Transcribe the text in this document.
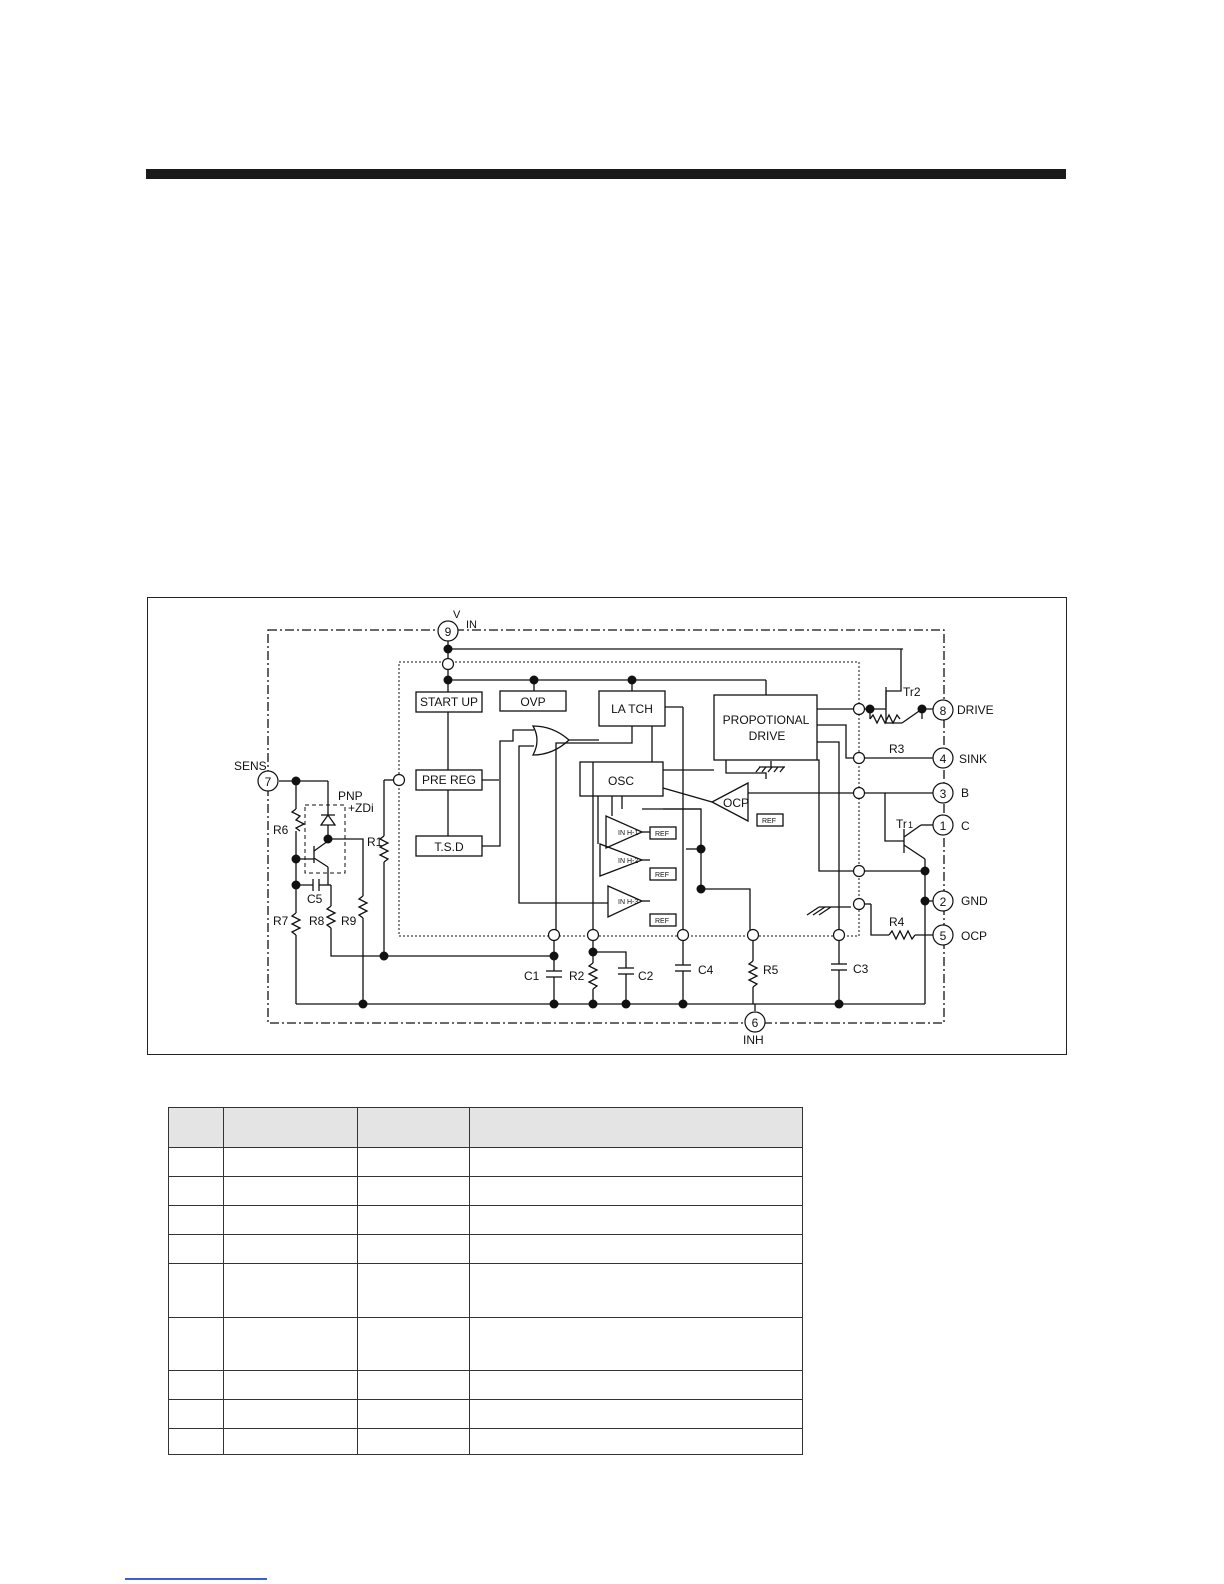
9
V
IN
8 DRIVE
4 SINK
3 B
1 C
2 GND
5 OCP
6
INH
7
SENS
START UP	OVP	LA TCH
PROPOTIONAL
DRIVE
PRE REG
T.S.D
OSC
OCP
IN H-1
IN H-2
IN H-3
REF
REF
REF
REF
R1
R2
R3
R4
R5
R6
R7 R8 R9
C1	C2	C3
C4
C5
Tr 1
Tr2
PNP
+ZDi
